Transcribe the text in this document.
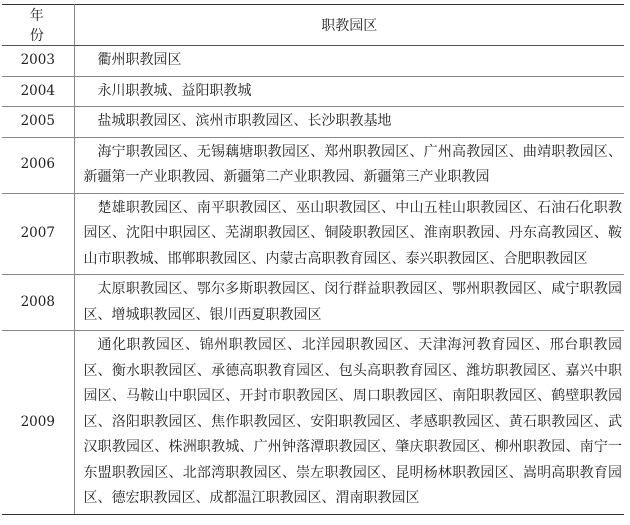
年份	职教园区
2003	衢州职教园区
2004	永川职教城、益阳职教城
2005	盐城职教园区、滨州市职教园区、长沙职教基地
2006	海宁职教园区、无锡藕塘职教园区、郑州职教园区、广州高教园区、曲靖职教园区、新疆第一产业职教园、新疆第二产业职教园、新疆第三产业职教园
2007	楚雄职教园区、南平职教园区、巫山职教园区、中山五桂山职教园区、石油石化职教园区、沈阳中职园区、芜湖职教园区、铜陵职教园区、淮南职教园、丹东高教园区、鞍山市职教城、邯郸职教园区、内蒙古高职教育园区、泰兴职教园区、合肥职教园区
2008	太原职教园区、鄂尔多斯职教园区、闵行群益职教园区、鄂州职教园区、咸宁职教园区、增城职教园区、银川西夏职教园区
2009	通化职教园区、锦州职教园区、北洋园职教园区、天津海河教育园区、邢台职教园区、衡水职教园区、承德高职教育园区、包头高职教育园区、潍坊职教园区、嘉兴中职园区、马鞍山中职园区、开封市职教园区、周口职教园区、南阳职教园区、鹤壁职教园区、洛阳职教园区、焦作职教园区、安阳职教园区、孝感职教园区、黄石职教园区、武汉职教园区、株洲职教城、广州钟落潭职教园区、肇庆职教园区、柳州职教园、南宁一东盟职教园区、北部湾职教园区、崇左职教园区、昆明杨林职教园区、嵩明高职教育园区、德宏职教园区、成都温江职教园区、渭南职教园区
